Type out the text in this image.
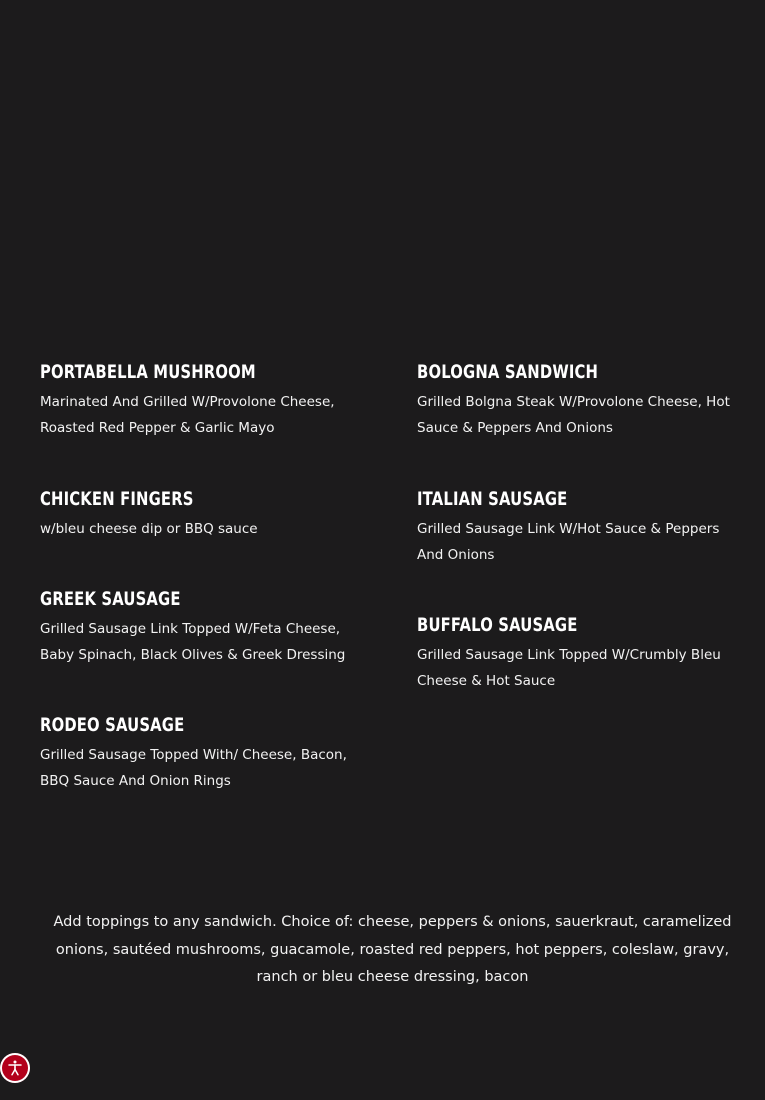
PORTABELLA MUSHROOM

Marinated And Grilled W/Provolone Cheese, Roasted Red Pepper & Garlic Mayo

CHICKEN FINGERS

w/bleu cheese dip or BBQ sauce

GREEK SAUSAGE

Grilled Sausage Link Topped W/Feta Cheese, Baby Spinach, Black Olives & Greek Dressing

RODEO SAUSAGE

Grilled Sausage Topped With/ Cheese, Bacon, BBQ Sauce And Onion Rings

BOLOGNA SANDWICH

Grilled Bolgna Steak W/Provolone Cheese, Hot Sauce & Peppers And Onions

ITALIAN SAUSAGE

Grilled Sausage Link W/Hot Sauce & Peppers And Onions

BUFFALO SAUSAGE

Grilled Sausage Link Topped W/Crumbly Bleu Cheese & Hot Sauce

Add toppings to any sandwich. Choice of: cheese, peppers & onions, sauerkraut, caramelized onions, sautéed mushrooms, guacamole, roasted red peppers, hot peppers, coleslaw, gravy, ranch or bleu cheese dressing, bacon
